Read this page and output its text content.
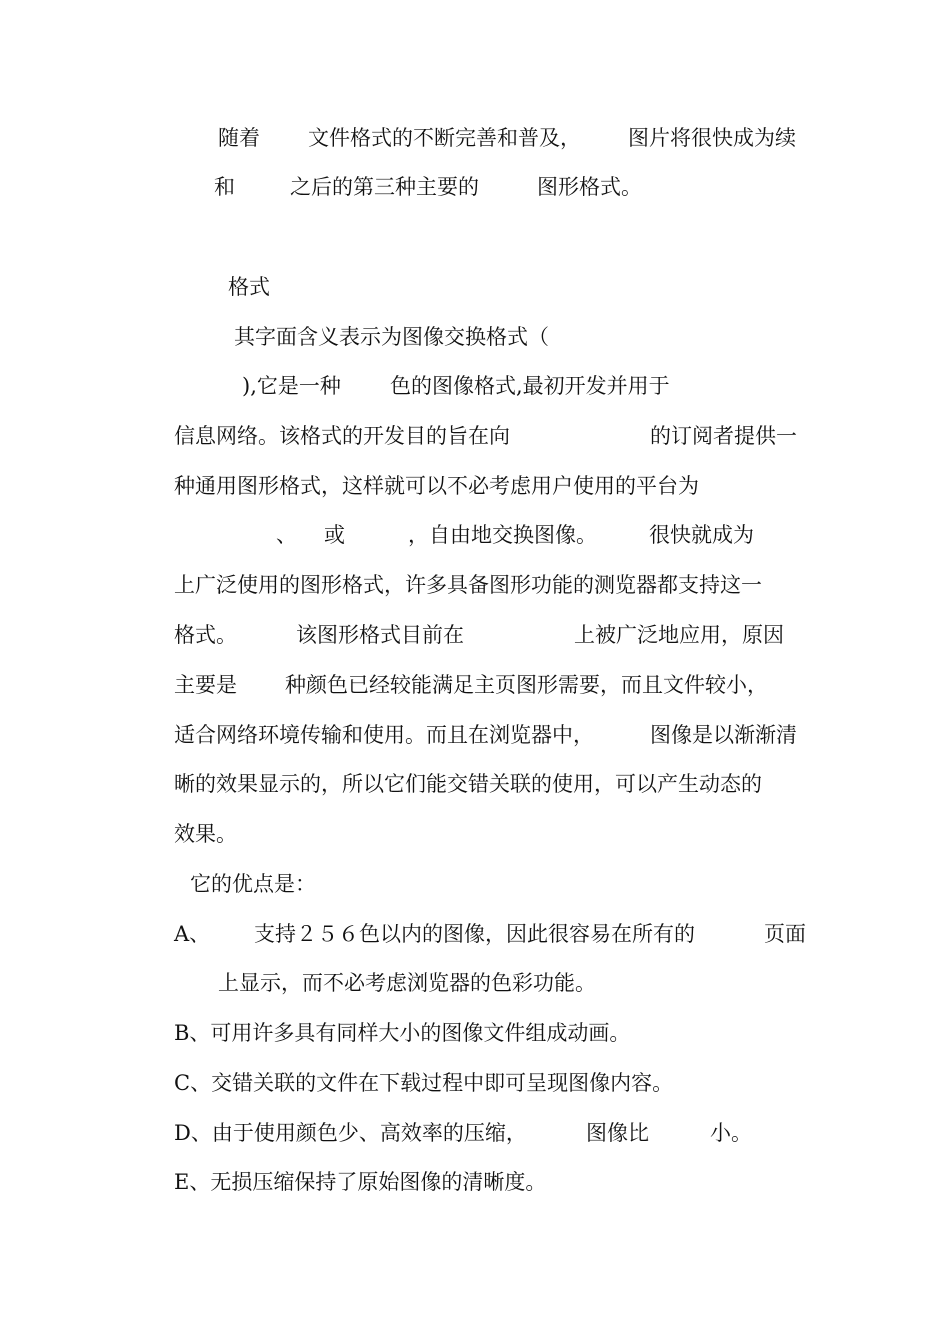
随着 文件格式的不断完善和普及， 图片将很快成为续
和	之后的第三种主要的	图形格式。
格式
其字面含义表示为图像交换格式（
),它是一种 色的图像格式,最初开发并用于
信息网络。该格式的开发目的旨在向	的订阅者提供一
种通用图形格式，这样就可以不必考虑用户使用的平台为
、 或	，自由地交换图像。 很快就成为
上广泛使用的图形格式，许多具备图形功能的测览器都支持这一
格式。	该图形格式目前在	上被广泛地应用，原因
主要是 种颜色已经较能满足主页图形需要，而且文件较小，
适合网络环境传输和使用。而且在浏览器中，	图像是以渐渐清
晰的效果显示的，所以它们能交错关联的使用，可以产生动态的
效果。
它的优点是：
A、 支持２５６色以内的图像，因此很容易在所有的	页面
上显示，而不必考虑浏览器的色彩功能。
B、可用许多具有同样大小的图像文件组成动画。
C、交错关联的文件在下载过程中即可呈现图像内容。
D、由于使用颜色少、高效率的压缩，	图像比	小。
E、无损压缩保持了原始图像的清晰度。
